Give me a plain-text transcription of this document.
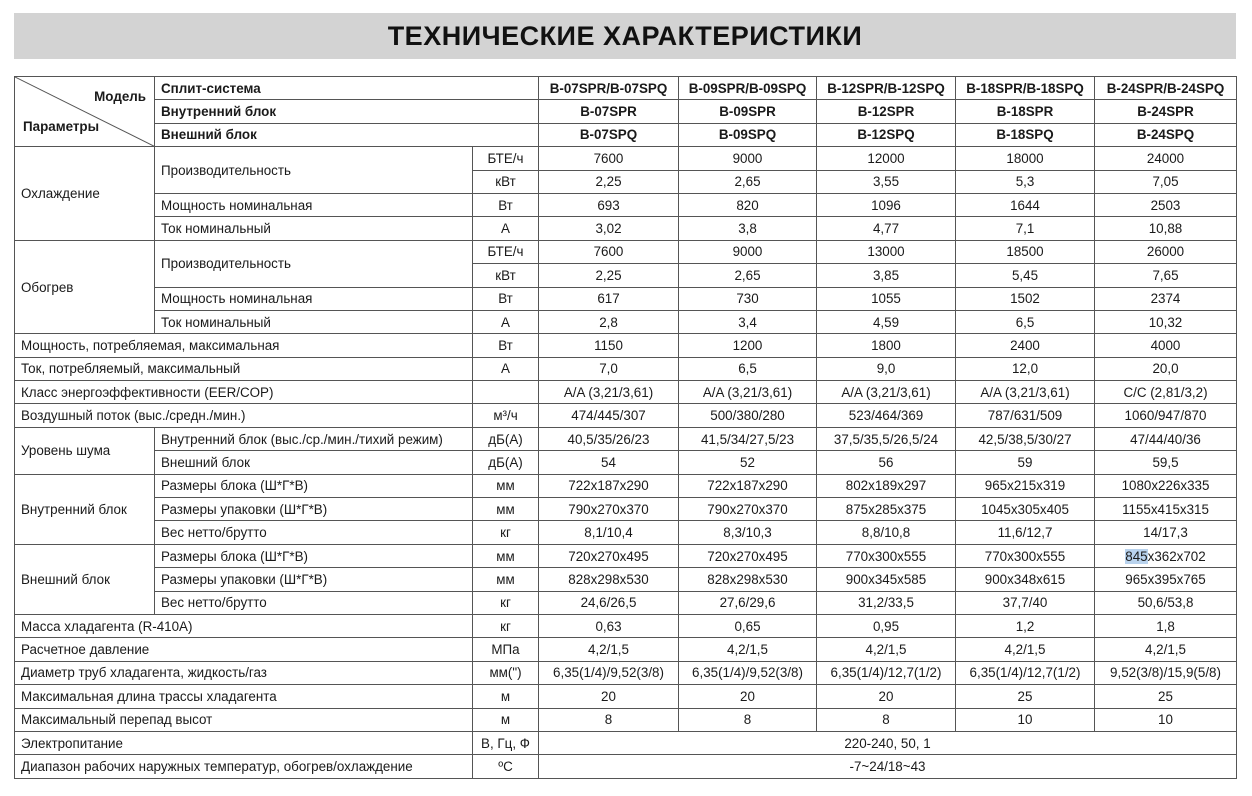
ТЕХНИЧЕСКИЕ ХАРАКТЕРИСТИКИ
Модель
Параметры	Сплит-система		B-07SPR/B-07SPQ	B-09SPR/B-09SPQ	B-12SPR/B-12SPQ	B-18SPR/B-18SPQ	B-24SPR/B-24SPQ
	Внутренний блок		B-07SPR	B-09SPR	B-12SPR	B-18SPR	B-24SPR
	Внешний блок		B-07SPQ	B-09SPQ	B-12SPQ	B-18SPQ	B-24SPQ
Охлаждение	Производительность	БТЕ/ч	7600	9000	12000	18000	24000
		кВт	2,25	2,65	3,55	5,3	7,05
	Мощность номинальная	Вт	693	820	1096	1644	2503
	Ток номинальный	А	3,02	3,8	4,77	7,1	10,88
Обогрев	Производительность	БТЕ/ч	7600	9000	13000	18500	26000
		кВт	2,25	2,65	3,85	5,45	7,65
	Мощность номинальная	Вт	617	730	1055	1502	2374
	Ток номинальный	А	2,8	3,4	4,59	6,5	10,32
Мощность, потребляемая, максимальная		Вт	1150	1200	1800	2400	4000
Ток, потребляемый, максимальный		А	7,0	6,5	9,0	12,0	20,0
Класс энергоэффективности (EER/COP)			A/A (3,21/3,61)	A/A (3,21/3,61)	A/A (3,21/3,61)	A/A (3,21/3,61)	C/C (2,81/3,2)
Воздушный поток (выс./средн./мин.)		м³/ч	474/445/307	500/380/280	523/464/369	787/631/509	1060/947/870
Уровень шума	Внутренний блок (выс./ср./мин./тихий режим)	дБ(А)	40,5/35/26/23	41,5/34/27,5/23	37,5/35,5/26,5/24	42,5/38,5/30/27	47/44/40/36
	Внешний блок	дБ(А)	54	52	56	59	59,5
Внутренний блок	Размеры блока (Ш*Г*В)	мм	722x187x290	722x187x290	802x189x297	965x215x319	1080x226x335
	Размеры упаковки (Ш*Г*В)	мм	790x270x370	790x270x370	875x285x375	1045x305x405	1155x415x315
	Вес нетто/брутто	кг	8,1/10,4	8,3/10,3	8,8/10,8	11,6/12,7	14/17,3
Внешний блок	Размеры блока (Ш*Г*В)	мм	720x270x495	720x270x495	770x300x555	770x300x555	845x362x702
	Размеры упаковки (Ш*Г*В)	мм	828x298x530	828x298x530	900x345x585	900x348x615	965x395x765
	Вес нетто/брутто	кг	24,6/26,5	27,6/29,6	31,2/33,5	37,7/40	50,6/53,8
Масса хладагента (R-410A)		кг	0,63	0,65	0,95	1,2	1,8
Расчетное давление		МПа	4,2/1,5	4,2/1,5	4,2/1,5	4,2/1,5	4,2/1,5
Диаметр труб хладагента, жидкость/газ		мм(")	6,35(1/4)/9,52(3/8)	6,35(1/4)/9,52(3/8)	6,35(1/4)/12,7(1/2)	6,35(1/4)/12,7(1/2)	9,52(3/8)/15,9(5/8)
Максимальная длина трассы хладагента		м	20	20	20	25	25
Максимальный перепад высот		м	8	8	8	10	10
Электропитание		В, Гц, Ф	220-240, 50, 1				
Диапазон рабочих наружных температур, обогрев/охлаждение		ºС	-7~24/18~43				
